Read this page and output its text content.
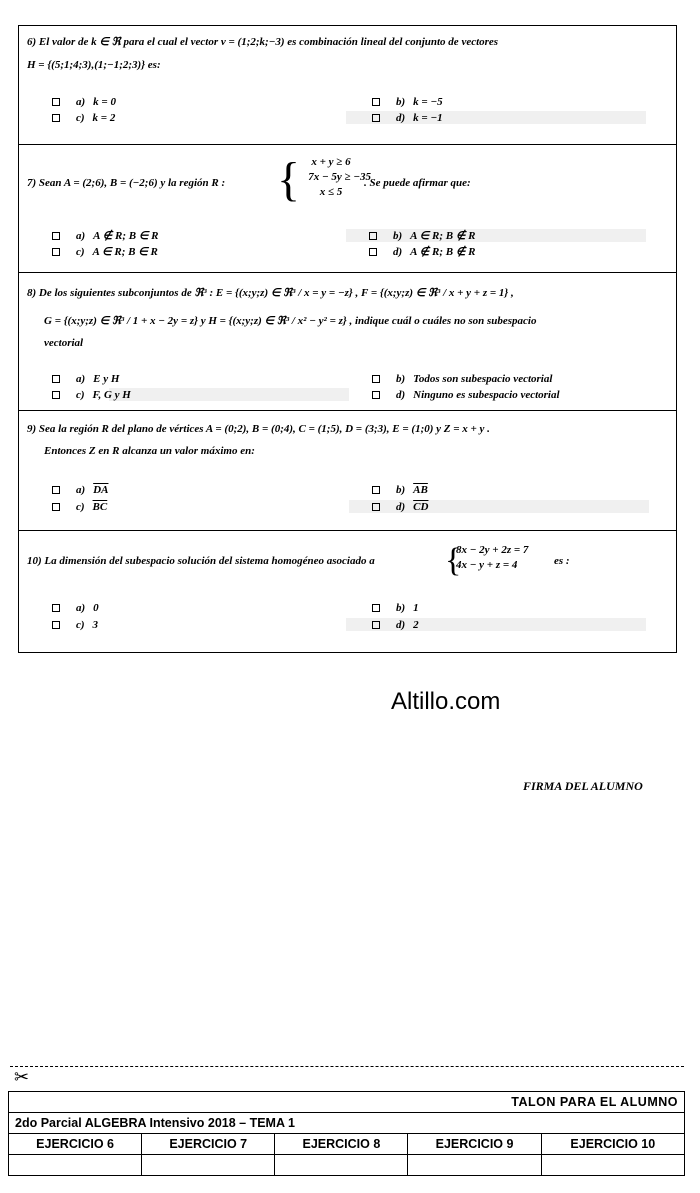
6) El valor de k ∈ ℜ para el cual el vector v = (1;2;k;−3) es combinación lineal del conjunto de vectores
H = {(5;1;4;3),(1;−1;2;3)} es:
a) k = 0	b) k = −5
c) k = 2	d) k = −1
7) Sean A = (2;6), B = (−2;6) y la región R : {	x + y ≥ 6
7x − 5y ≥ −35
x ≤ 5
. Se puede afirmar que:
a) A ∉ R; B ∈ R	b) A ∈ R; B ∉ R
c) A ∈ R; B ∈ R	d) A ∉ R; B ∉ R
8) De los siguientes subconjuntos de ℜ³ : E = {(x;y;z) ∈ ℜ³ / x = y = −z} , F = {(x;y;z) ∈ ℜ³ / x + y + z = 1} ,
G = {(x;y;z) ∈ ℜ³ / 1 + x − 2y = z} y H = {(x;y;z) ∈ ℜ³ / x² − y² = z} , indique cuál o cuáles no son subespacio
vectorial
a) E y H	b) Todos son subespacio vectorial
c) F, G y H	d) Ninguno es subespacio vectorial
9) Sea la región R del plano de vértices A = (0;2), B = (0;4), C = (1;5), D = (3;3), E = (1;0) y Z = x + y .
Entonces Z en R alcanza un valor máximo en:
a) $\overline{DA}$	b) $\overline{AB}$
c) $\overline{BC}$	d) $\overline{CD}$
10) La dimensión del subespacio solución del sistema homogéneo asociado a {
8x − 2y + 2z = 7
4x − y + z = 4	es :
a) 0	b) 1
c) 3	d) 2
Altillo.com
FIRMA DEL ALUMNO
✂
TALON PARA EL ALUMNO				
2do Parcial ALGEBRA Intensivo 2018 – TEMA 1				
EJERCICIO 6	EJERCICIO 7	EJERCICIO 8	EJERCICIO 9	EJERCICIO 10
